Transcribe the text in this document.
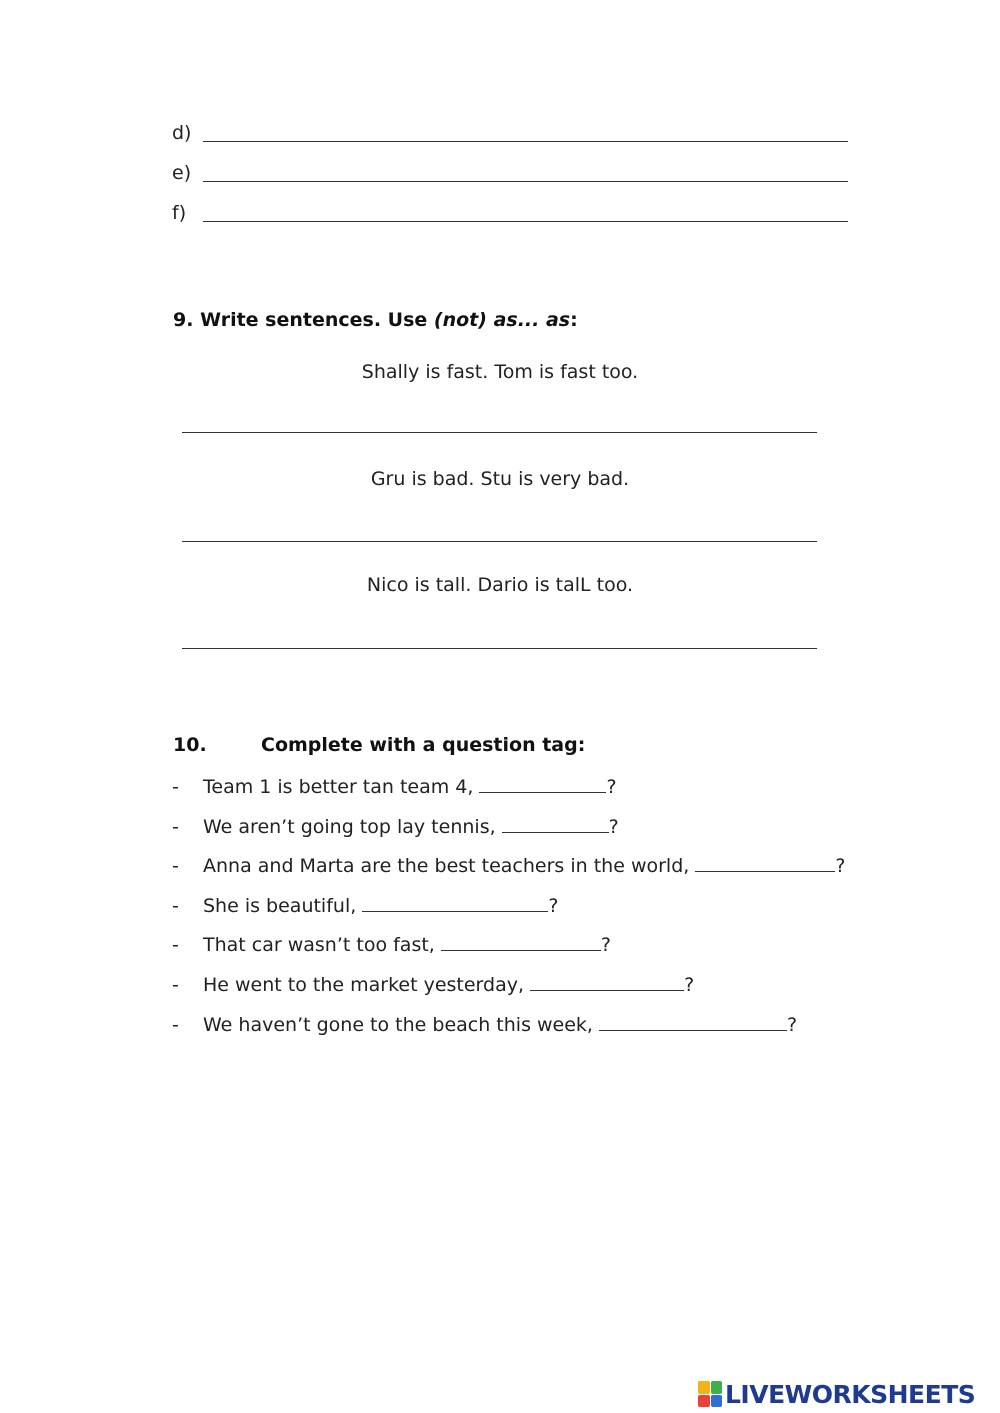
d)
e)
f)
9. Write sentences. Use (not) as... as:
Shally is fast. Tom is fast too.
Gru is bad. Stu is very bad.
Nico is tall. Dario is talL too.
10.	Complete with a question tag:
- Team 1 is better tan team 4,	?
- We aren’t going top lay tennis,	?
- Anna and Marta are the best teachers in the world,	?
- She is beautiful,	?
- That car wasn’t too fast,	?
- He went to the market yesterday,	?
- We haven’t gone to the beach this week,	?
LIVEWORKSHEETS
